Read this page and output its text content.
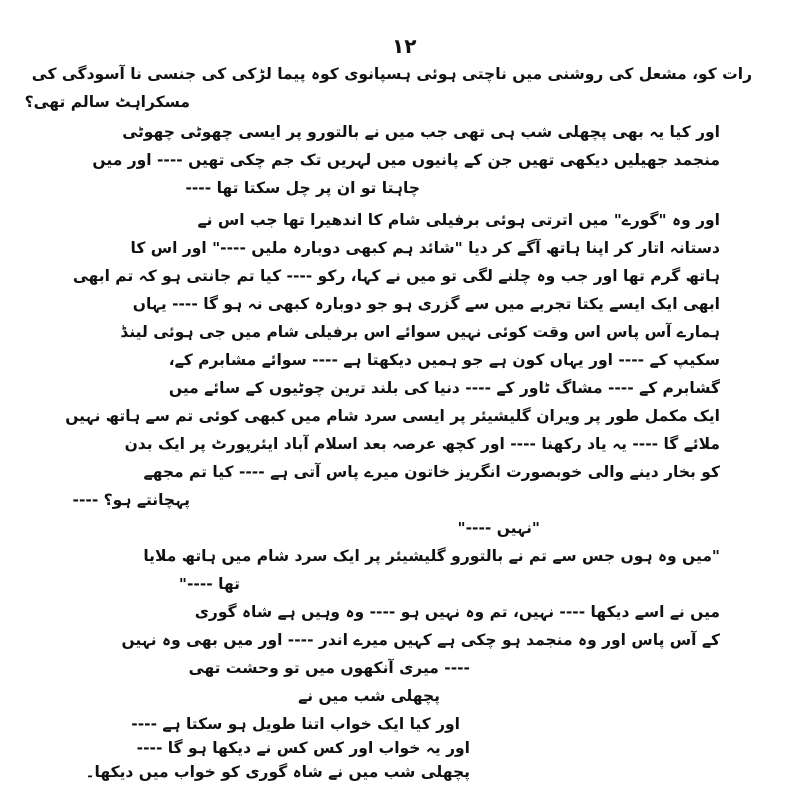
۱۲
رات کو، مشعل کی روشنی میں ناچتی ہوئی ہسپانوی کوہ پیما لڑکی کی جنسی نا آسودگی کی
مسکراہٹ سالم تھی؟
اور کیا یہ بھی پچھلی شب ہی تھی جب میں نے بالتورو پر ایسی چھوٹی چھوٹی
منجمد جھیلیں دیکھی تھیں جن کے پانیوں میں لہریں تک جم چکی تھیں ---- اور میں
چاہتا تو ان پر چل سکتا تھا ----
اور وہ "گورے" میں اترتی ہوئی برفیلی شام کا اندھیرا تھا جب اس نے
دستانہ اتار کر اپنا ہاتھ آگے کر دیا "شائد ہم کبھی دوبارہ ملیں ----" اور اس کا
ہاتھ گرم تھا اور جب وہ چلنے لگی تو میں نے کہا، رکو ---- کیا تم جانتی ہو کہ تم ابھی
ابھی ایک ایسے یکتا تجربے میں سے گزری ہو جو دوبارہ کبھی نہ ہو گا ---- یہاں
ہمارے آس پاس اس وقت کوئی نہیں سوائے اس برفیلی شام میں جی ہوئی لینڈ
سکیپ کے ---- اور یہاں کون ہے جو ہمیں دیکھتا ہے ---- سوائے مشابرم کے،
گشابرم کے ---- مشاگ ٹاور کے ---- دنیا کی بلند ترین چوٹیوں کے سائے میں
ایک مکمل طور پر ویران گلیشیئر پر ایسی سرد شام میں کبھی کوئی تم سے ہاتھ نہیں
ملائے گا ---- یہ یاد رکھنا ---- اور کچھ عرصہ بعد اسلام آباد ایئرپورٹ پر ایک بدن
کو بخار دینے والی خوبصورت انگریز خاتون میرے پاس آتی ہے ---- کیا تم مجھے
پہچانتے ہو؟ ----
"نہیں ----"
"میں وہ ہوں جس سے تم نے بالتورو گلیشیئر پر ایک سرد شام میں ہاتھ ملایا
تھا ----"
میں نے اسے دیکھا ---- نہیں، تم وہ نہیں ہو ---- وہ وہیں ہے شاہ گوری
کے آس پاس اور وہ منجمد ہو چکی ہے کہیں میرے اندر ---- اور میں بھی وہ نہیں
---- میری آنکھوں میں تو وحشت تھی
پچھلی شب میں نے
اور کیا ایک خواب اتنا طویل ہو سکتا ہے ----
اور یہ خواب اور کس کس نے دیکھا ہو گا ----
پچھلی شب میں نے شاہ گوری کو خواب میں دیکھا۔
